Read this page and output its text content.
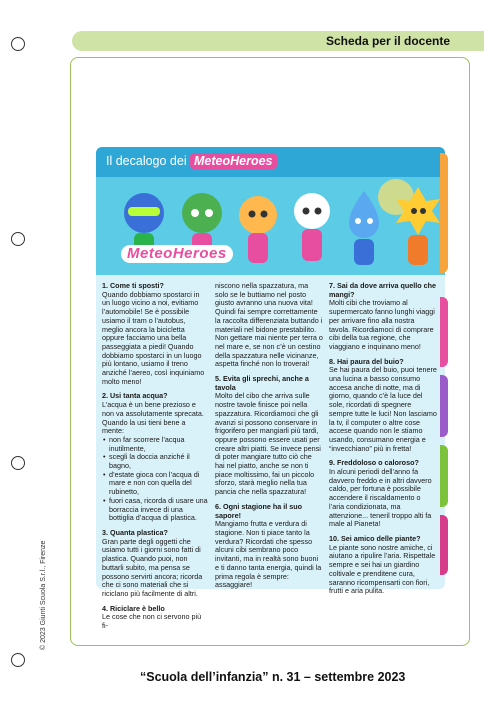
Scheda per il docente
Il decalogo dei MeteoHeroes
MeteoHeroes

1. Come ti sposti?
Quando dobbiamo spostarci in un luogo vicino a noi, evitiamo l’automobile! Se è possibile usiamo il tram o l’autobus, meglio ancora la bicicletta oppure facciamo una bella passeggiata a piedi! Quando dobbiamo spostarci in un luogo più lontano, usiamo il treno anziché l’aereo, così inquiniamo molto meno!

2. Usi tanta acqua?
L’acqua è un bene prezioso e non va assolutamente sprecata. Quando la usi tieni bene a mente:

• non far scorrere l’acqua inutilmente,
• scegli la doccia anziché il bagno,
• d’estate gioca con l’acqua di mare e non con quella del rubinetto,
• fuori casa, ricorda di usare una borraccia invece di una bottiglia d’acqua di plastica.

3. Quanta plastica?
Gran parte degli oggetti che usiamo tutti i giorni sono fatti di plastica. Quando puoi, non buttarli subito, ma pensa se possono servirti ancora; ricorda che ci sono materiali che si riciclano più facilmente di altri.

4. Riciclare è bello
Le cose che non ci servono più fi-

niscono nella spazzatura, ma solo se le buttiamo nel posto giusto avranno una nuova vita! Quindi fai sempre correttamente la raccolta differenziata buttando i materiali nel bidone prestabilito. Non gettare mai niente per terra o nel mare e, se non c’è un cestino della spazzatura nelle vicinanze, aspetta finché non lo troverai!

5. Evita gli sprechi, anche a tavola
Molto del cibo che arriva sulle nostre tavole finisce poi nella spazzatura. Ricordiamoci che gli avanzi si possono conservare in frigorifero per mangiarli più tardi, oppure possono essere usati per creare altri piatti. Se invece pensi di poter mangiare tutto ciò che hai nel piatto, anche se non ti piace moltissimo, fai un piccolo sforzo, starà meglio nella tua pancia che nella spazzatura!

6. Ogni stagione ha il suo sapore!
Mangiamo frutta e verdura di stagione. Non ti piace tanto la verdura? Ricordati che spesso alcuni cibi sembrano poco invitanti, ma in realtà sono buoni e ti danno tanta energia, quindi la prima regola è sempre: assaggiare!

7. Sai da dove arriva quello che mangi?
Molti cibi che troviamo al supermercato fanno lunghi viaggi per arrivare fino alla nostra tavola. Ricordiamoci di comprare cibi della tua regione, che viaggiano e inquinano meno!

8. Hai paura del buio?
Se hai paura del buio, puoi tenere una lucina a basso consumo accesa anche di notte, ma di giorno, quando c’è la luce del sole, ricordati di spegnere sempre tutte le luci! Non lasciamo la tv, il computer o altre cose accese quando non le stiamo usando, consumano energia e “invecchiano” più in fretta!

9. Freddoloso o caloroso?
In alcuni periodi dell’anno fa davvero freddo e in altri davvero caldo, per fortuna è possibile accendere il riscaldamento o l’aria condizionata, ma attenzione... teneril troppo alti fa male al Pianeta!

10. Sei amico delle piante?
Le piante sono nostre amiche, ci aiutano a ripulire l’aria. Rispettale sempre e sei hai un giardino coltivale e prenditene cura, saranno ricompensarti con fiori, frutti e aria pulita.

© 2023 Giunti Scuola S.r.l., Firenze
“Scuola dell’infanzia” n. 31 – settembre 2023
